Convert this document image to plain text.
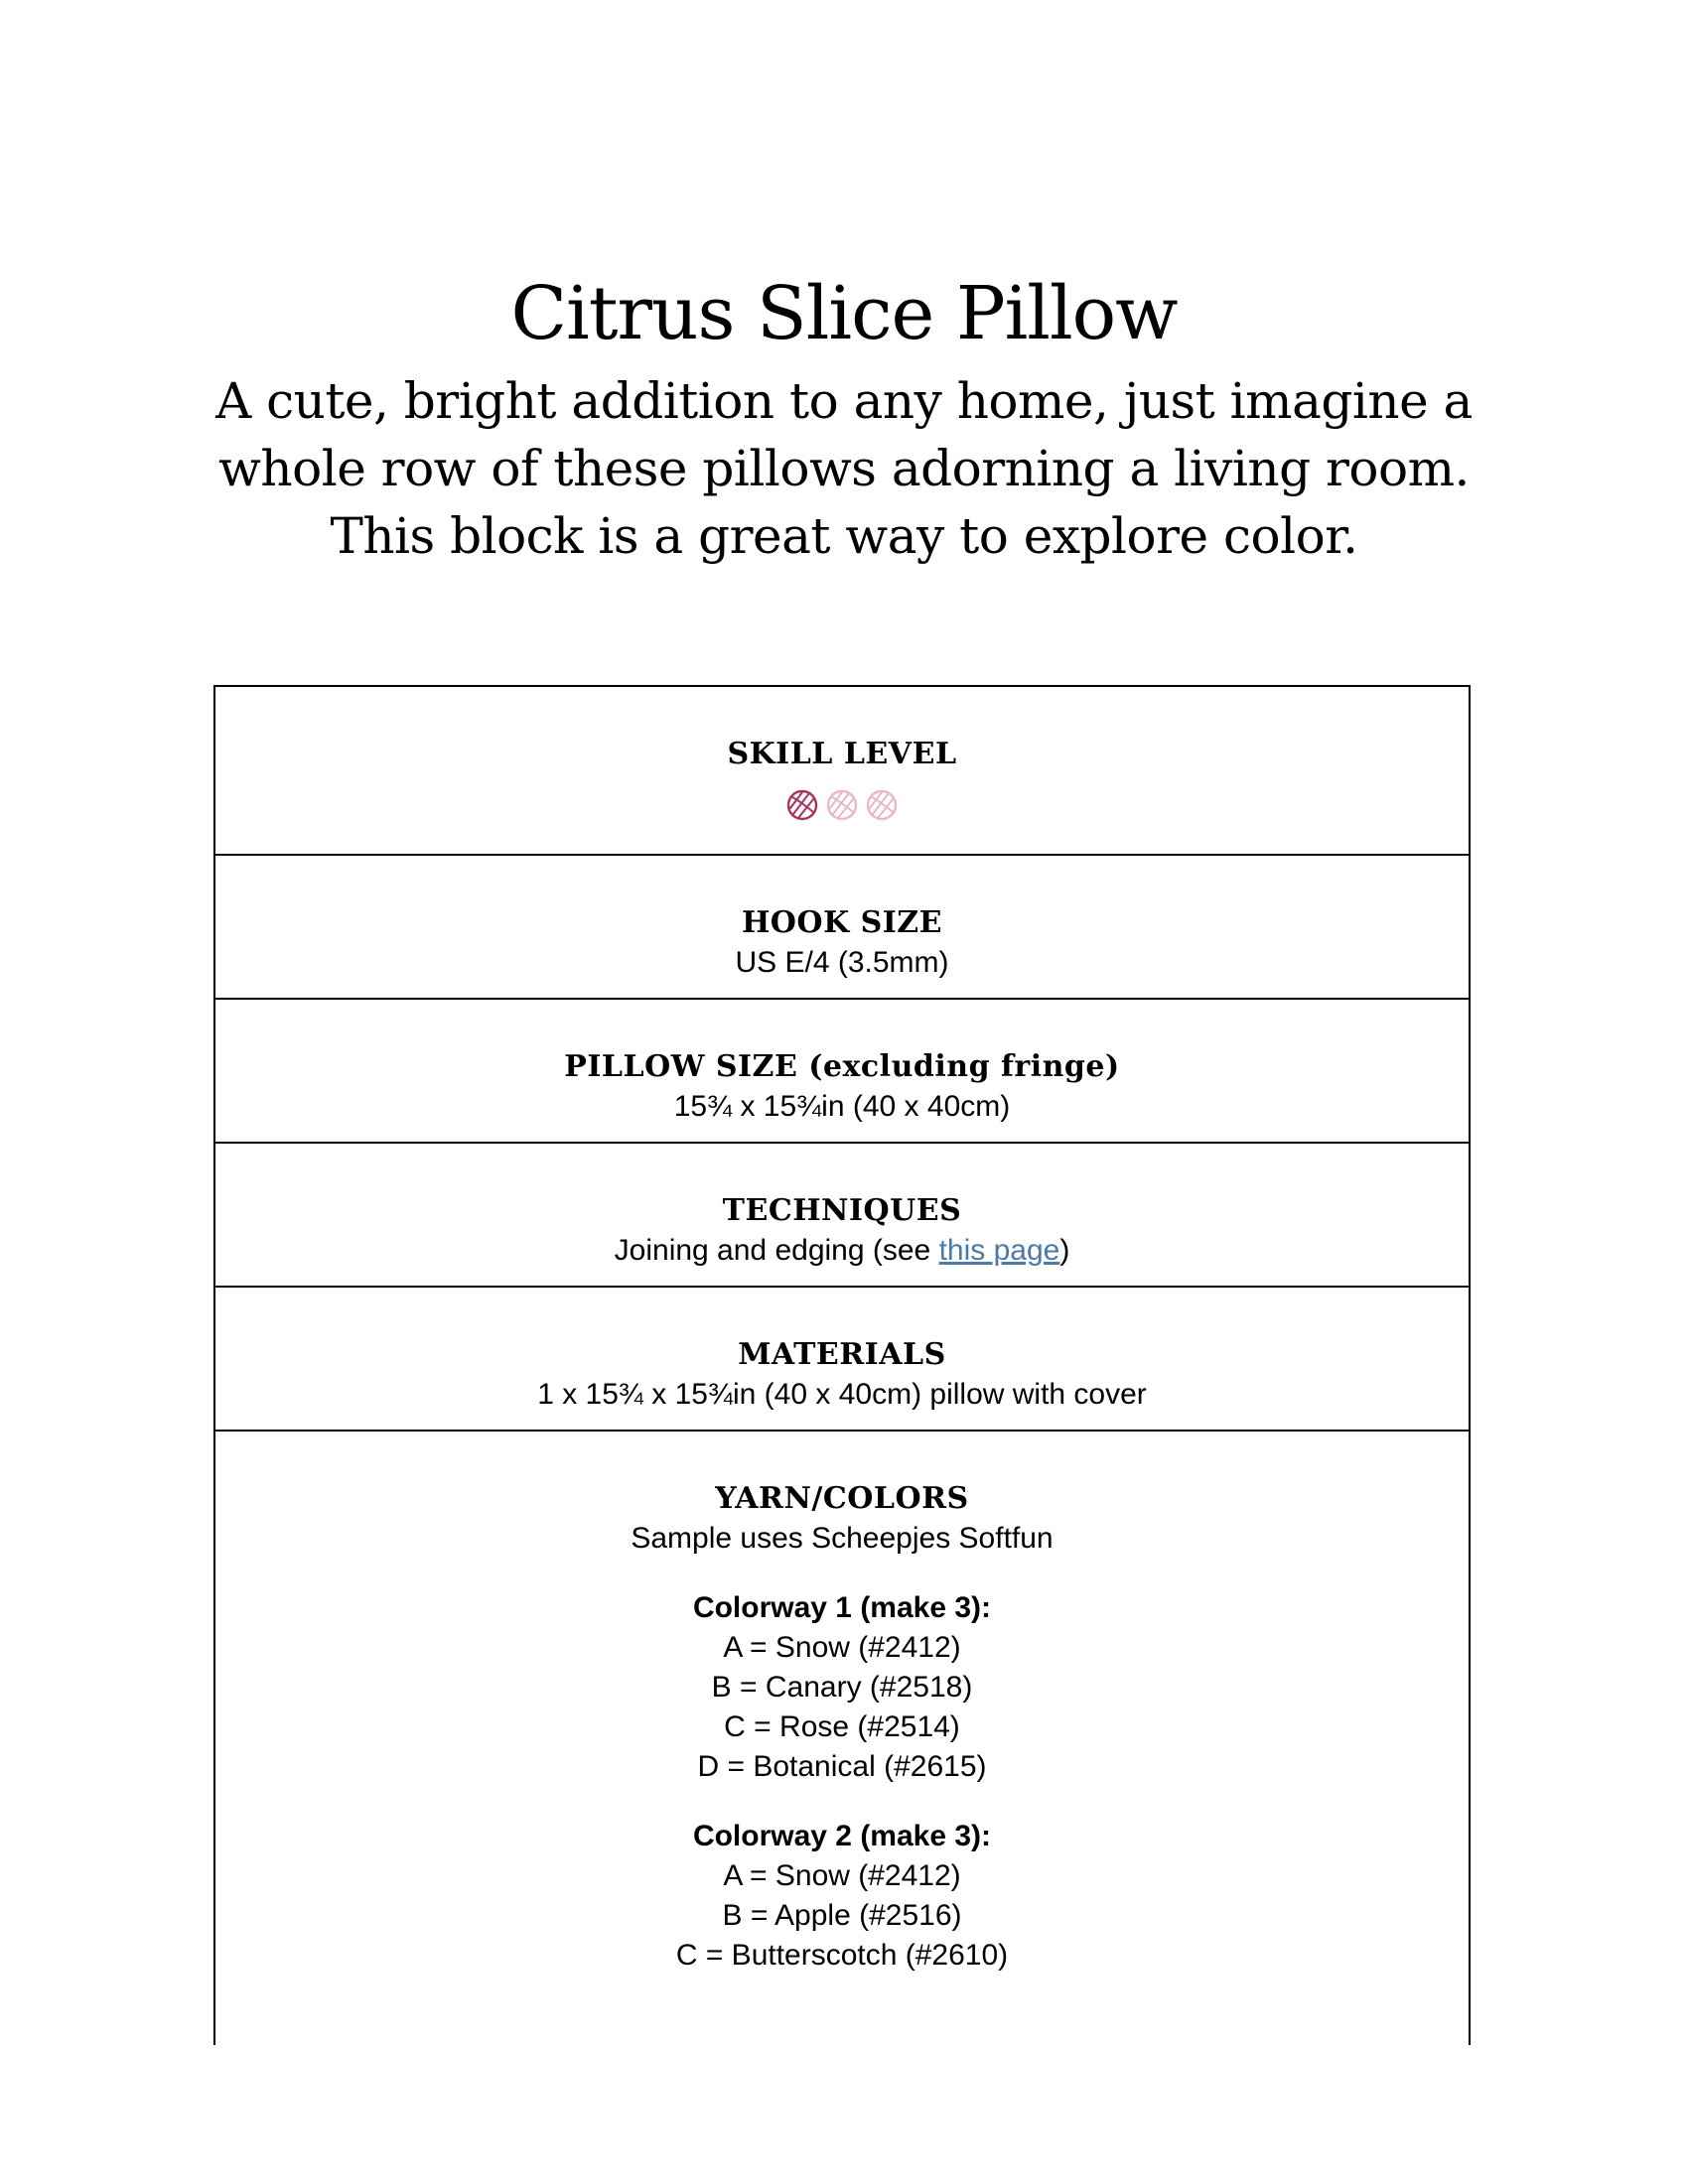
Citrus Slice Pillow

A cute, bright addition to any home, just imagine a whole row of these pillows adorning a living room. This block is a great way to explore color.

SKILL LEVEL

HOOK SIZE
US E/4 (3.5mm)

PILLOW SIZE (excluding fringe)
15¾ x 15¾in (40 x 40cm)

TECHNIQUES
Joining and edging (see this page)

MATERIALS
1 x 15¾ x 15¾in (40 x 40cm) pillow with cover

YARN/COLORS
Sample uses Scheepjes Softfun
Colorway 1 (make 3):
A = Snow (#2412)
B = Canary (#2518)
C = Rose (#2514)
D = Botanical (#2615)
Colorway 2 (make 3):
A = Snow (#2412)
B = Apple (#2516)
C = Butterscotch (#2610)
